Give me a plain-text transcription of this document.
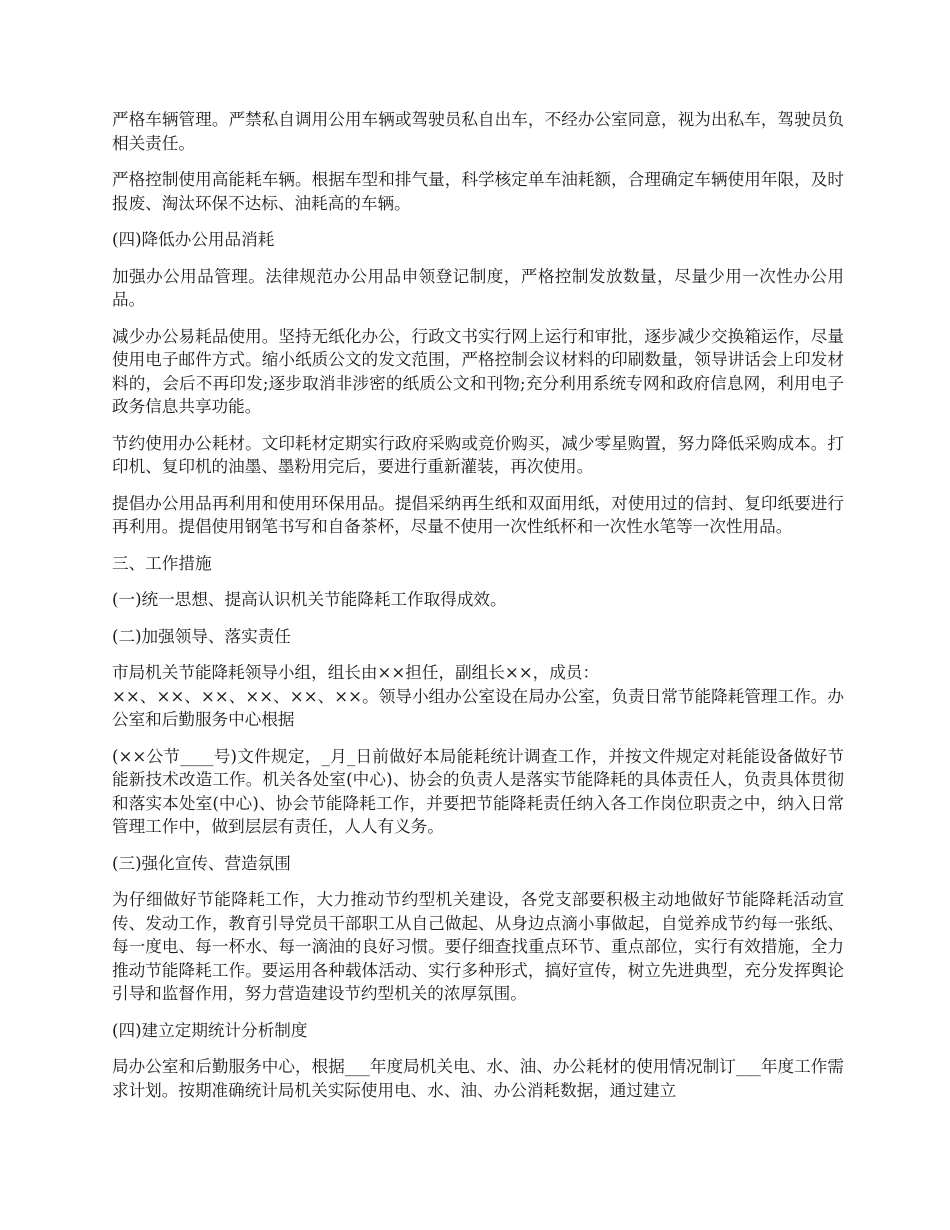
严格车辆管理。严禁私自调用公用车辆或驾驶员私自出车，不经办公室同意，视为出私车，驾驶员负相关责任。

严格控制使用高能耗车辆。根据车型和排气量，科学核定单车油耗额，合理确定车辆使用年限，及时报废、淘汰环保不达标、油耗高的车辆。

(四)降低办公用品消耗

加强办公用品管理。法律规范办公用品申领登记制度，严格控制发放数量，尽量少用一次性办公用品。

减少办公易耗品使用。坚持无纸化办公，行政文书实行网上运行和审批，逐步减少交换箱运作，尽量使用电子邮件方式。缩小纸质公文的发文范围，严格控制会议材料的印刷数量，领导讲话会上印发材料的，会后不再印发;逐步取消非涉密的纸质公文和刊物;充分利用系统专网和政府信息网，利用电子政务信息共享功能。

节约使用办公耗材。文印耗材定期实行政府采购或竞价购买，减少零星购置，努力降低采购成本。打印机、复印机的油墨、墨粉用完后，要进行重新灌装，再次使用。

提倡办公用品再利用和使用环保用品。提倡采纳再生纸和双面用纸，对使用过的信封、复印纸要进行再利用。提倡使用钢笔书写和自备茶杯，尽量不使用一次性纸杯和一次性水笔等一次性用品。

三、工作措施

(一)统一思想、提高认识机关节能降耗工作取得成效。

(二)加强领导、落实责任

市局机关节能降耗领导小组，组长由××担任，副组长××，成员：
××、××、××、××、××、××。领导小组办公室设在局办公室，负责日常节能降耗管理工作。办公室和后勤服务中心根据

(××公节____号)文件规定，_月_日前做好本局能耗统计调查工作，并按文件规定对耗能设备做好节能新技术改造工作。机关各处室(中心)、协会的负责人是落实节能降耗的具体责任人，负责具体贯彻和落实本处室(中心)、协会节能降耗工作，并要把节能降耗责任纳入各工作岗位职责之中，纳入日常管理工作中，做到层层有责任，人人有义务。

(三)强化宣传、营造氛围

为仔细做好节能降耗工作，大力推动节约型机关建设，各党支部要积极主动地做好节能降耗活动宣传、发动工作，教育引导党员干部职工从自己做起、从身边点滴小事做起，自觉养成节约每一张纸、每一度电、每一杯水、每一滴油的良好习惯。要仔细查找重点环节、重点部位，实行有效措施，全力推动节能降耗工作。要运用各种载体活动、实行多种形式，搞好宣传，树立先进典型，充分发挥舆论引导和监督作用，努力营造建设节约型机关的浓厚氛围。

(四)建立定期统计分析制度

局办公室和后勤服务中心，根据___年度局机关电、水、油、办公耗材的使用情况制订___年度工作需求计划。按期准确统计局机关实际使用电、水、油、办公消耗数据，通过建立
